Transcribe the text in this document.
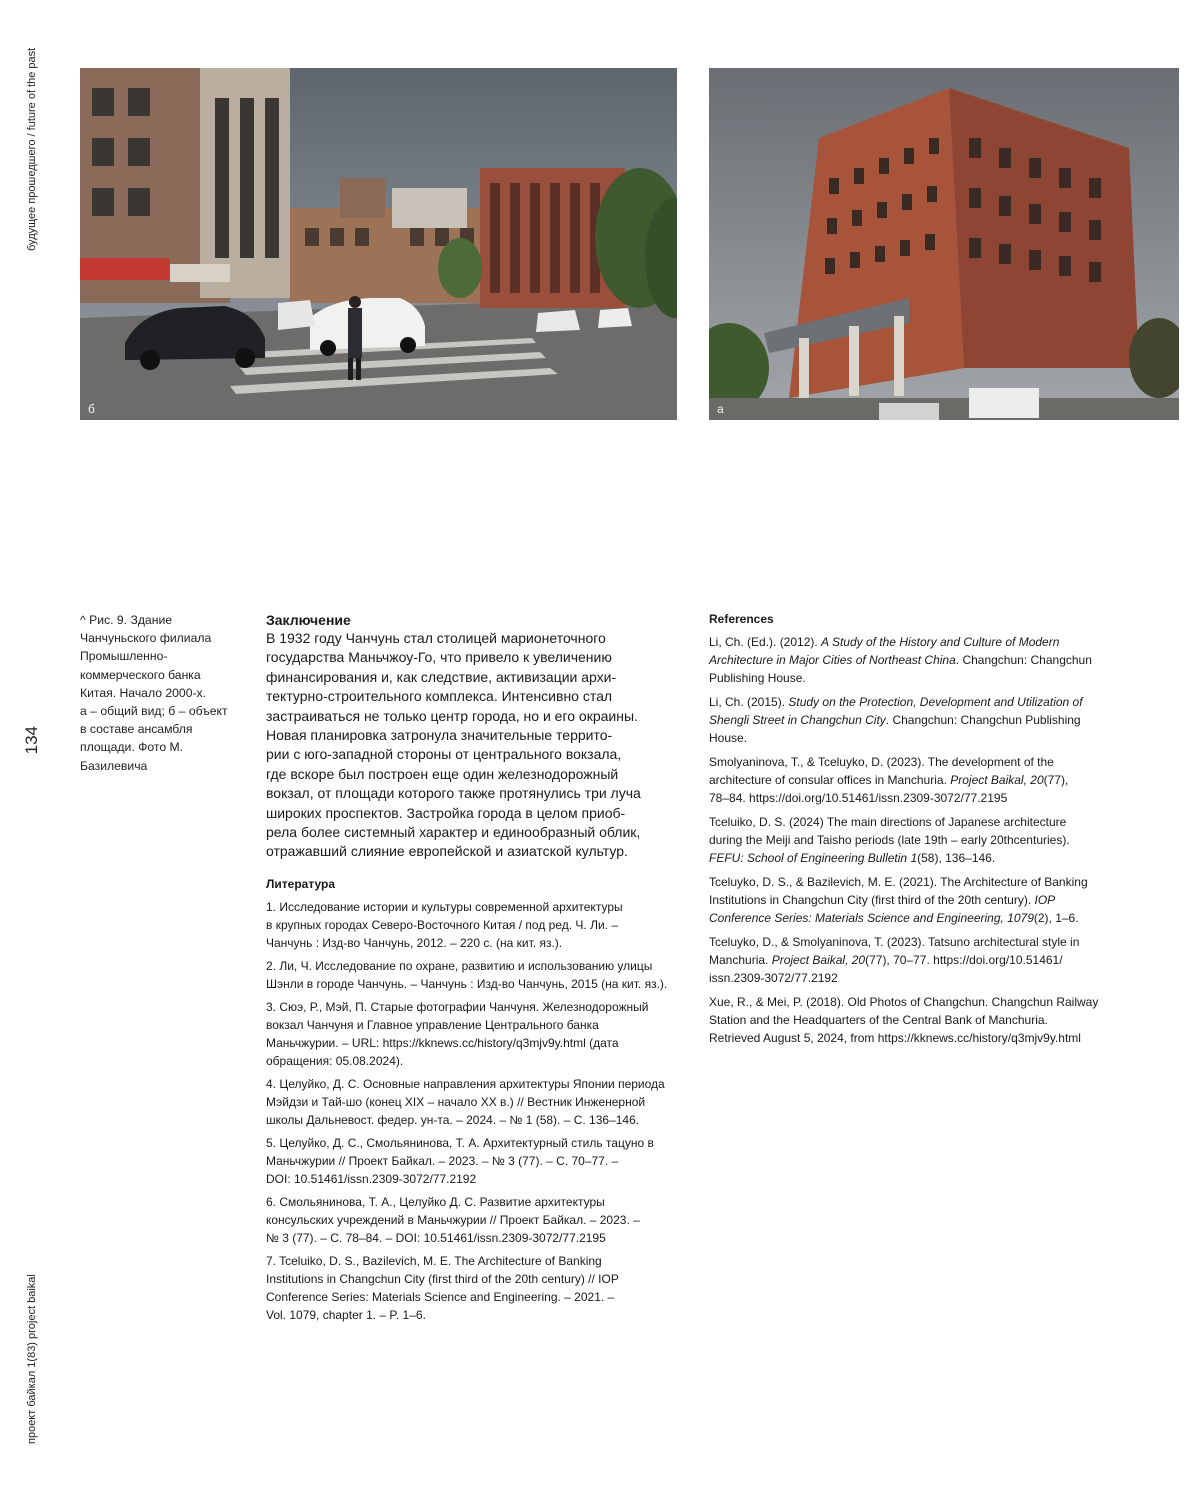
будущее прошедшего / future of the past
134
проект байкал 1(83) project baikal
б	а
^ Рис. 9. Здание
Чанчуньского филиала
Промышленно-
коммерческого банка
Китая. Начало 2000-х.
а – общий вид; б – объект
в составе ансамбля
площади. Фото М.
Базилевича
Заключение
В 1932 году Чанчунь стал столицей марионеточного
государства Маньчжоу-Го, что привело к увеличению
финансирования и, как следствие, активизации архи-
тектурно-строительного комплекса. Интенсивно стал
застраиваться не только центр города, но и его окраины.
Новая планировка затронула значительные террито-
рии с юго-западной стороны от центрального вокзала,
где вскоре был построен еще один железнодорожный
вокзал, от площади которого также протянулись три луча
широких проспектов. Застройка города в целом приоб-
рела более системный характер и единообразный облик,
отражавший слияние европейской и азиатской культур.
Литература
1. Исследование истории и культуры современной архитектуры
в крупных городах Северо-Восточного Китая / под ред. Ч. Ли. –
Чанчунь : Изд-во Чанчунь, 2012. – 220 с. (на кит. яз.).
2. Ли, Ч. Исследование по охране, развитию и использованию улицы
Шэнли в городе Чанчунь. – Чанчунь : Изд-во Чанчунь, 2015 (на кит. яз.).
3. Сюэ, Р., Мэй, П. Старые фотографии Чанчуня. Железнодорожный
вокзал Чанчуня и Главное управление Центрального банка
Маньчжурии. – URL: https://kknews.cc/history/q3mjv9y.html (дата
обращения: 05.08.2024).
4. Целуйко, Д. С. Основные направления архитектуры Японии периода
Мэйдзи и Тай-шо (конец XIX – начало XX в.) // Вестник Инженерной
школы Дальневост. федер. ун-та. – 2024. – № 1 (58). – С. 136–146.
5. Целуйко, Д. С., Смольянинова, Т. А. Архитектурный стиль тацуно в
Маньчжурии // Проект Байкал. – 2023. – № 3 (77). – С. 70–77. –
DOI: 10.51461/issn.2309-3072/77.2192
6. Смольянинова, Т. А., Целуйко Д. С. Развитие архитектуры
консульских учреждений в Маньчжурии // Проект Байкал. – 2023. –
№ 3 (77). – С. 78–84. – DOI: 10.51461/issn.2309-3072/77.2195
7. Tceluiko, D. S., Bazilevich, M. E. The Architecture of Banking
Institutions in Changchun City (first third of the 20th century) // IOP
Conference Series: Materials Science and Engineering. – 2021. –
Vol. 1079, chapter 1. – P. 1–6.
References
Li, Ch. (Ed.). (2012). A Study of the History and Culture of Modern
Architecture in Major Cities of Northeast China. Changchun: Changchun
Publishing House.
Li, Ch. (2015). Study on the Protection, Development and Utilization of
Shengli Street in Changchun City. Changchun: Changchun Publishing
House.
Smolyaninova, T., & Tceluyko, D. (2023). The development of the
architecture of consular offices in Manchuria. Project Baikal, 20(77),
78–84. https://doi.org/10.51461/issn.2309-3072/77.2195
Tceluiko, D. S. (2024) The main directions of Japanese architecture
during the Meiji and Taisho periods (late 19th – early 20thcenturies).
FEFU: School of Engineering Bulletin 1(58), 136–146.
Tceluyko, D. S., & Bazilevich, M. E. (2021). The Architecture of Banking
Institutions in Changchun City (first third of the 20th century). IOP
Conference Series: Materials Science and Engineering, 1079(2), 1–6.
Tceluyko, D., & Smolyaninova, T. (2023). Tatsuno architectural style in
Manchuria. Project Baikal, 20(77), 70–77. https://doi.org/10.51461/
issn.2309-3072/77.2192
Xue, R., & Mei, P. (2018). Old Photos of Changchun. Changchun Railway
Station and the Headquarters of the Central Bank of Manchuria.
Retrieved August 5, 2024, from https://kknews.cc/history/q3mjv9y.html
